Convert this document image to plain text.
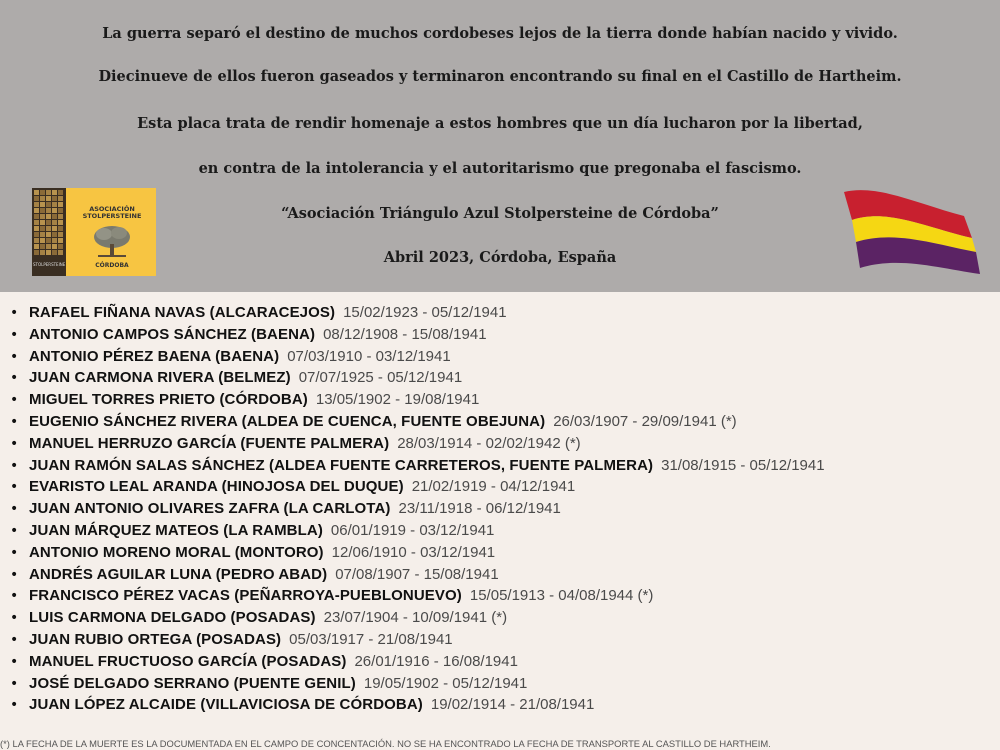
La guerra separó el destino de muchos cordobeses lejos de la tierra donde habían nacido y vivido.
Diecinueve de ellos fueron gaseados y terminaron encontrando su final en el Castillo de Hartheim.
Esta placa trata de rendir homenaje a estos hombres que un día lucharon por la libertad,
en contra de la intolerancia y el autoritarismo que pregonaba el fascismo.
“Asociación Triángulo Azul Stolpersteine de Córdoba”
Abril 2023, Córdoba, España
STOLPERSTEINE
ASOCIACIÓN
STOLPERSTEINE
CÓRDOBA
• RAFAEL FIÑANA NAVAS (ALCARACEJOS) 15/02/1923 - 05/12/1941
• ANTONIO CAMPOS SÁNCHEZ (BAENA) 08/12/1908 - 15/08/1941
• ANTONIO PÉREZ BAENA (BAENA) 07/03/1910 - 03/12/1941
• JUAN CARMONA RIVERA (BELMEZ) 07/07/1925 - 05/12/1941
• MIGUEL TORRES PRIETO (CÓRDOBA) 13/05/1902 - 19/08/1941
• EUGENIO SÁNCHEZ RIVERA (ALDEA DE CUENCA, FUENTE OBEJUNA) 26/03/1907 - 29/09/1941 (*)
• MANUEL HERRUZO GARCÍA (FUENTE PALMERA) 28/03/1914 - 02/02/1942 (*)
• JUAN RAMÓN SALAS SÁNCHEZ (ALDEA FUENTE CARRETEROS, FUENTE PALMERA) 31/08/1915 - 05/12/1941
• EVARISTO LEAL ARANDA (HINOJOSA DEL DUQUE) 21/02/1919 - 04/12/1941
• JUAN ANTONIO OLIVARES ZAFRA (LA CARLOTA) 23/11/1918 - 06/12/1941
• JUAN MÁRQUEZ MATEOS (LA RAMBLA) 06/01/1919 - 03/12/1941
• ANTONIO MORENO MORAL (MONTORO) 12/06/1910 - 03/12/1941
• ANDRÉS AGUILAR LUNA (PEDRO ABAD) 07/08/1907 - 15/08/1941
• FRANCISCO PÉREZ VACAS (PEÑARROYA-PUEBLONUEVO) 15/05/1913 - 04/08/1944 (*)
• LUIS CARMONA DELGADO (POSADAS) 23/07/1904 - 10/09/1941 (*)
• JUAN RUBIO ORTEGA (POSADAS) 05/03/1917 - 21/08/1941
• MANUEL FRUCTUOSO GARCÍA (POSADAS) 26/01/1916 - 16/08/1941
• JOSÉ DELGADO SERRANO (PUENTE GENIL) 19/05/1902 - 05/12/1941
• JUAN LÓPEZ ALCAIDE (VILLAVICIOSA DE CÓRDOBA) 19/02/1914 - 21/08/1941
(*) LA FECHA DE LA MUERTE ES LA DOCUMENTADA EN EL CAMPO DE CONCENTACIÓN. NO SE HA ENCONTRADO LA FECHA DE TRANSPORTE AL CASTILLO DE HARTHEIM.
